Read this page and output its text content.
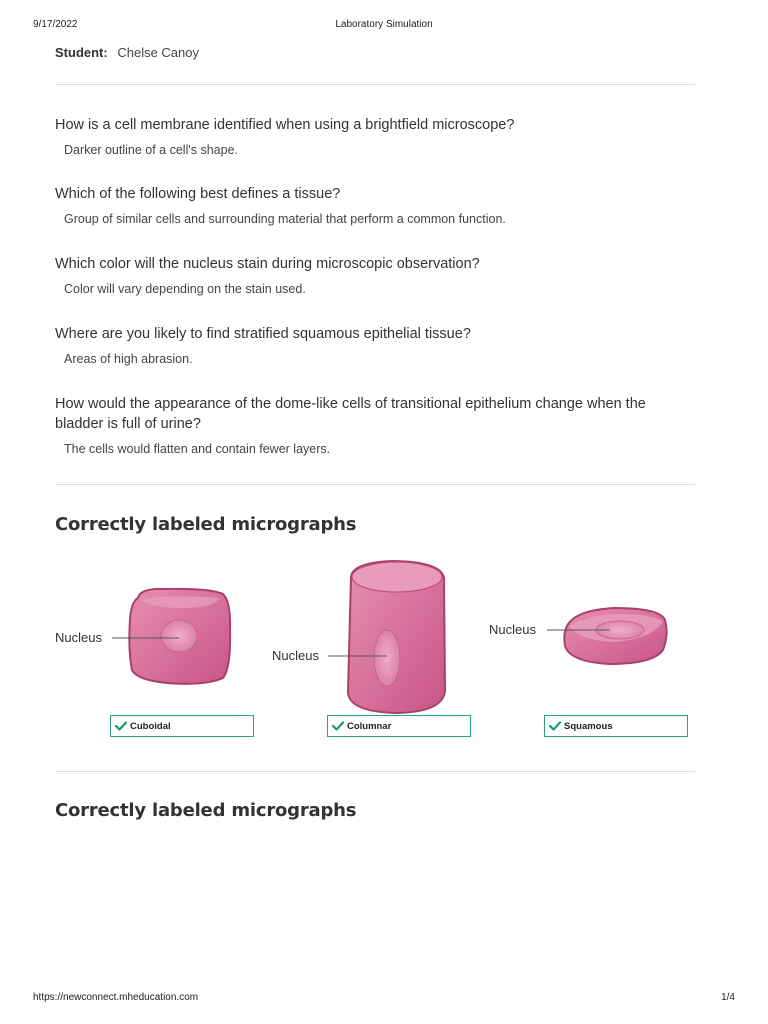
9/17/2022	Laboratory Simulation
Student: Chelse Canoy

How is a cell membrane identified when using a brightfield microscope?

Darker outline of a cell's shape.

Which of the following best defines a tissue?

Group of similar cells and surrounding material that perform a common function.

Which color will the nucleus stain during microscopic observation?

Color will vary depending on the stain used.

Where are you likely to find stratified squamous epithelial tissue?

Areas of high abrasion.

How would the appearance of the dome-like cells of transitional epithelium change when the bladder is full of urine?

The cells would flatten and contain fewer layers.

Correctly labeled micrographs
Nucleus
Nucleus
Nucleus
Cuboidal	Columnar	Squamous
Correctly labeled micrographs
https://newconnect.mheducation.com	1/4
